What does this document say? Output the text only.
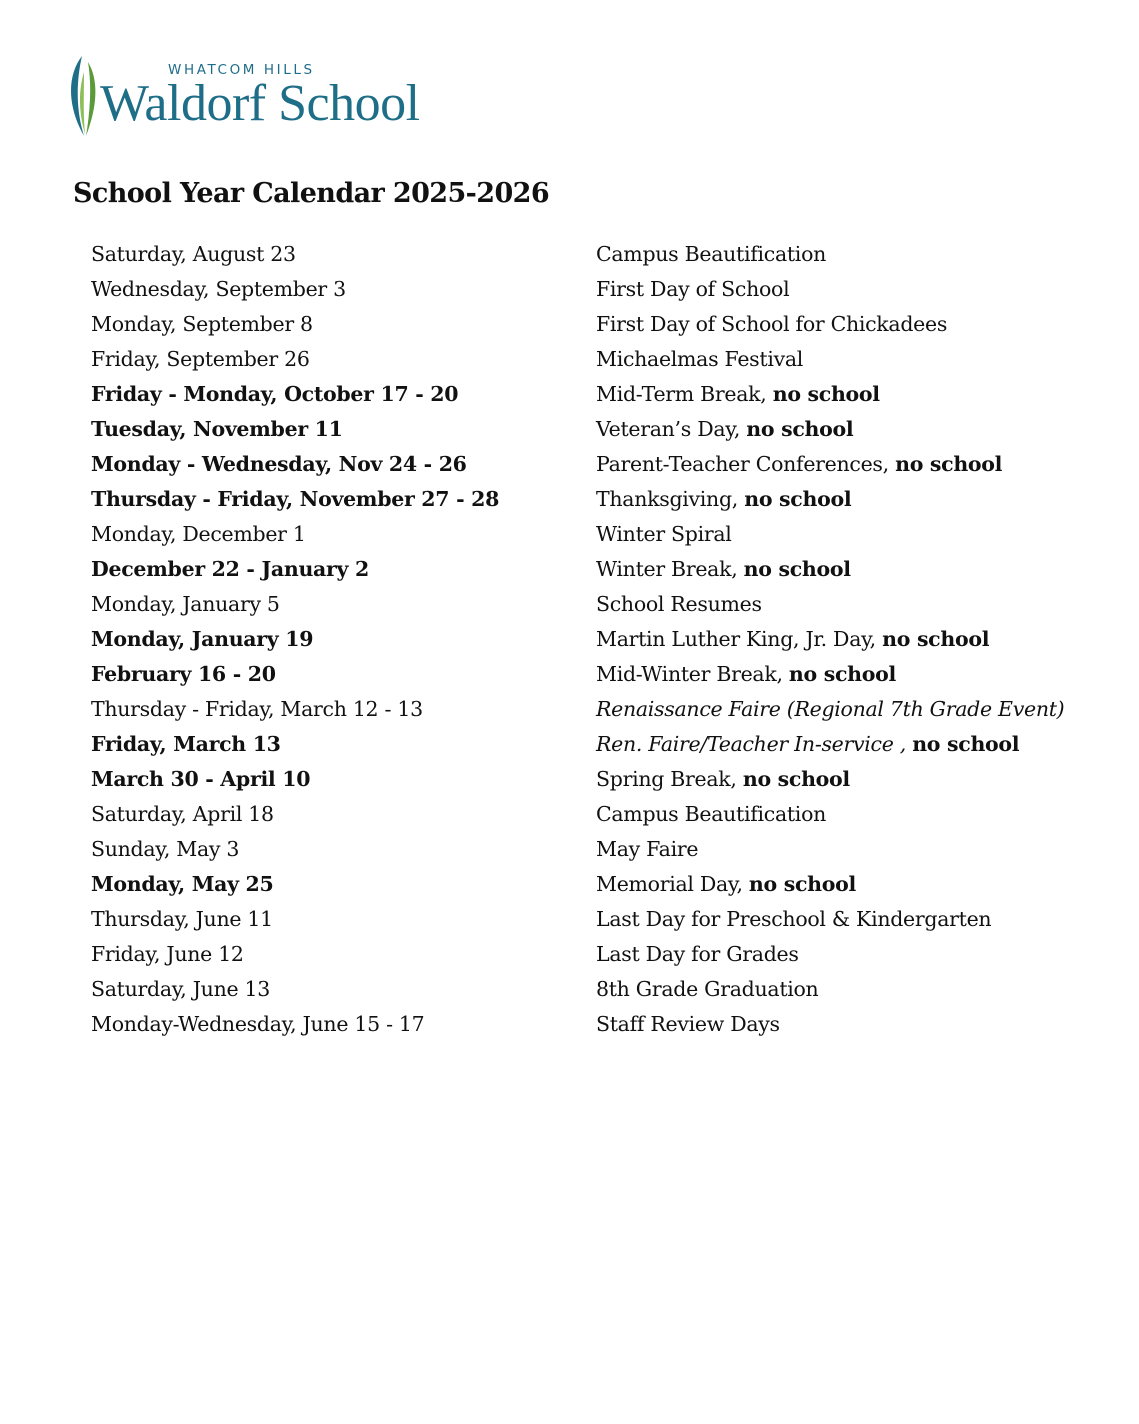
WHATCOM HILLS
Waldorf School
School Year Calendar 2025-2026
Saturday, August 23	Campus Beautification
Wednesday, September 3	First Day of School
Monday, September 8	First Day of School for Chickadees
Friday, September 26	Michaelmas Festival
Friday - Monday, October 17 - 20	Mid-Term Break, no school
Tuesday, November 11	Veteran’s Day, no school
Monday - Wednesday, Nov 24 - 26	Parent-Teacher Conferences, no school
Thursday - Friday, November 27 - 28	Thanksgiving, no school
Monday, December 1	Winter Spiral
December 22 - January 2	Winter Break, no school
Monday, January 5	School Resumes
Monday, January 19	Martin Luther King, Jr. Day, no school
February 16 - 20	Mid-Winter Break, no school
Thursday - Friday, March 12 - 13	Renaissance Faire (Regional 7th Grade Event)
Friday, March 13	Ren. Faire/Teacher In-service , no school
March 30 - April 10	Spring Break, no school
Saturday, April 18	Campus Beautification
Sunday, May 3	May Faire
Monday, May 25	Memorial Day, no school
Thursday, June 11	Last Day for Preschool & Kindergarten
Friday, June 12	Last Day for Grades
Saturday, June 13	8th Grade Graduation
Monday-Wednesday, June 15 - 17	Staff Review Days
